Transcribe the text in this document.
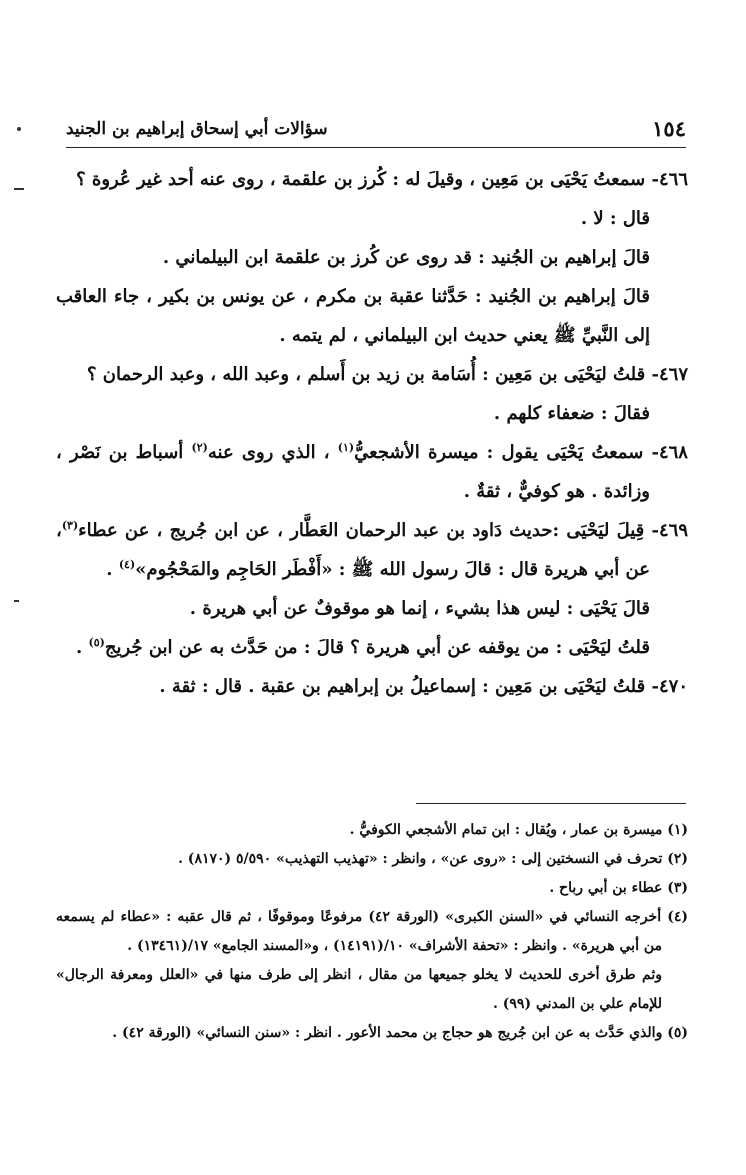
١٥٤
سؤالات أبي إسحاق إبراهيم بن الجنيد

٤٦٦- سمعتُ يَحْيَى بن مَعِين ، وقيلَ له : كُرز بن علقمة ، روى عنه أحد غير عُروة ؟

قال : لا .

قالَ إبراهيم بن الجُنيد : قد روى عن كُرز بن علقمة ابن البيلماني .

قالَ إبراهيم بن الجُنيد : حَدَّثنا عقبة بن مكرم ، عن يونس بن بكير ، جاء العاقب إلى النَّبيِّ ﷺ يعني حديث ابن البيلماني ، لم يتمه .

٤٦٧- قلتُ ليَحْيَى بن مَعِين : أُسَامة بن زيد بن أَسلم ، وعبد الله ، وعبد الرحمان ؟

فقالَ : ضعفاء كلهم .

٤٦٨- سمعتُ يَحْيَى يقول : ميسرة الأشجعيُّ$^{(١)}$ ، الذي روى عنه$^{(٢)}$ أسباط بن نَصْر ، وزائدة . هو كوفيٌّ ، ثقةٌ .

٤٦٩- قِيلَ ليَحْيَى :حديث دَاود بن عبد الرحمان العَطَّار ، عن ابن جُريج ، عن عطاء$^{(٣)}$، عن أبي هريرة قال : قالَ رسول الله ﷺ : «أَفْطَر الحَاجِم والمَحْجُوم»$^{(٤)}$ .

قالَ يَحْيَى : ليس هذا بشيء ، إنما هو موقوفٌ عن أبي هريرة .

قلتُ ليَحْيَى : من يوقفه عن أبي هريرة ؟ قالَ : من حَدَّث به عن ابن جُريج$^{(٥)}$ .

٤٧٠- قلتُ ليَحْيَى بن مَعِين : إسماعيلُ بن إبراهيم بن عقبة . قال : ثقة .

(١) ميسرة بن عمار ، ويُقال : ابن تمام الأشجعي الكوفيُّ .

(٢) تحرف في النسختين إلى : «روى عن» ، وانظر : «تهذيب التهذيب» ٥/٥٩٠ (٨١٧٠) .

(٣) عطاء بن أبي رباح .

(٤) أخرجه النسائي في «السنن الكبرى» (الورقة ٤٢) مرفوعًا وموقوفًا ، ثم قال عقبه : «عطاء لم يسمعه من أبي هريرة» . وانظر : «تحفة الأشراف» ١٠/(١٤١٩١) ، و«المسند الجامع» ١٧/(١٣٤٦١) .

وثم طرق أخرى للحديث لا يخلو جميعها من مقال ، انظر إلى طرف منها في «العلل ومعرفة الرجال» للإمام علي بن المدني (٩٩) .

(٥) والذي حَدَّث به عن ابن جُريج هو حجاج بن محمد الأعور . انظر : «سنن النسائي» (الورقة ٤٢) .
